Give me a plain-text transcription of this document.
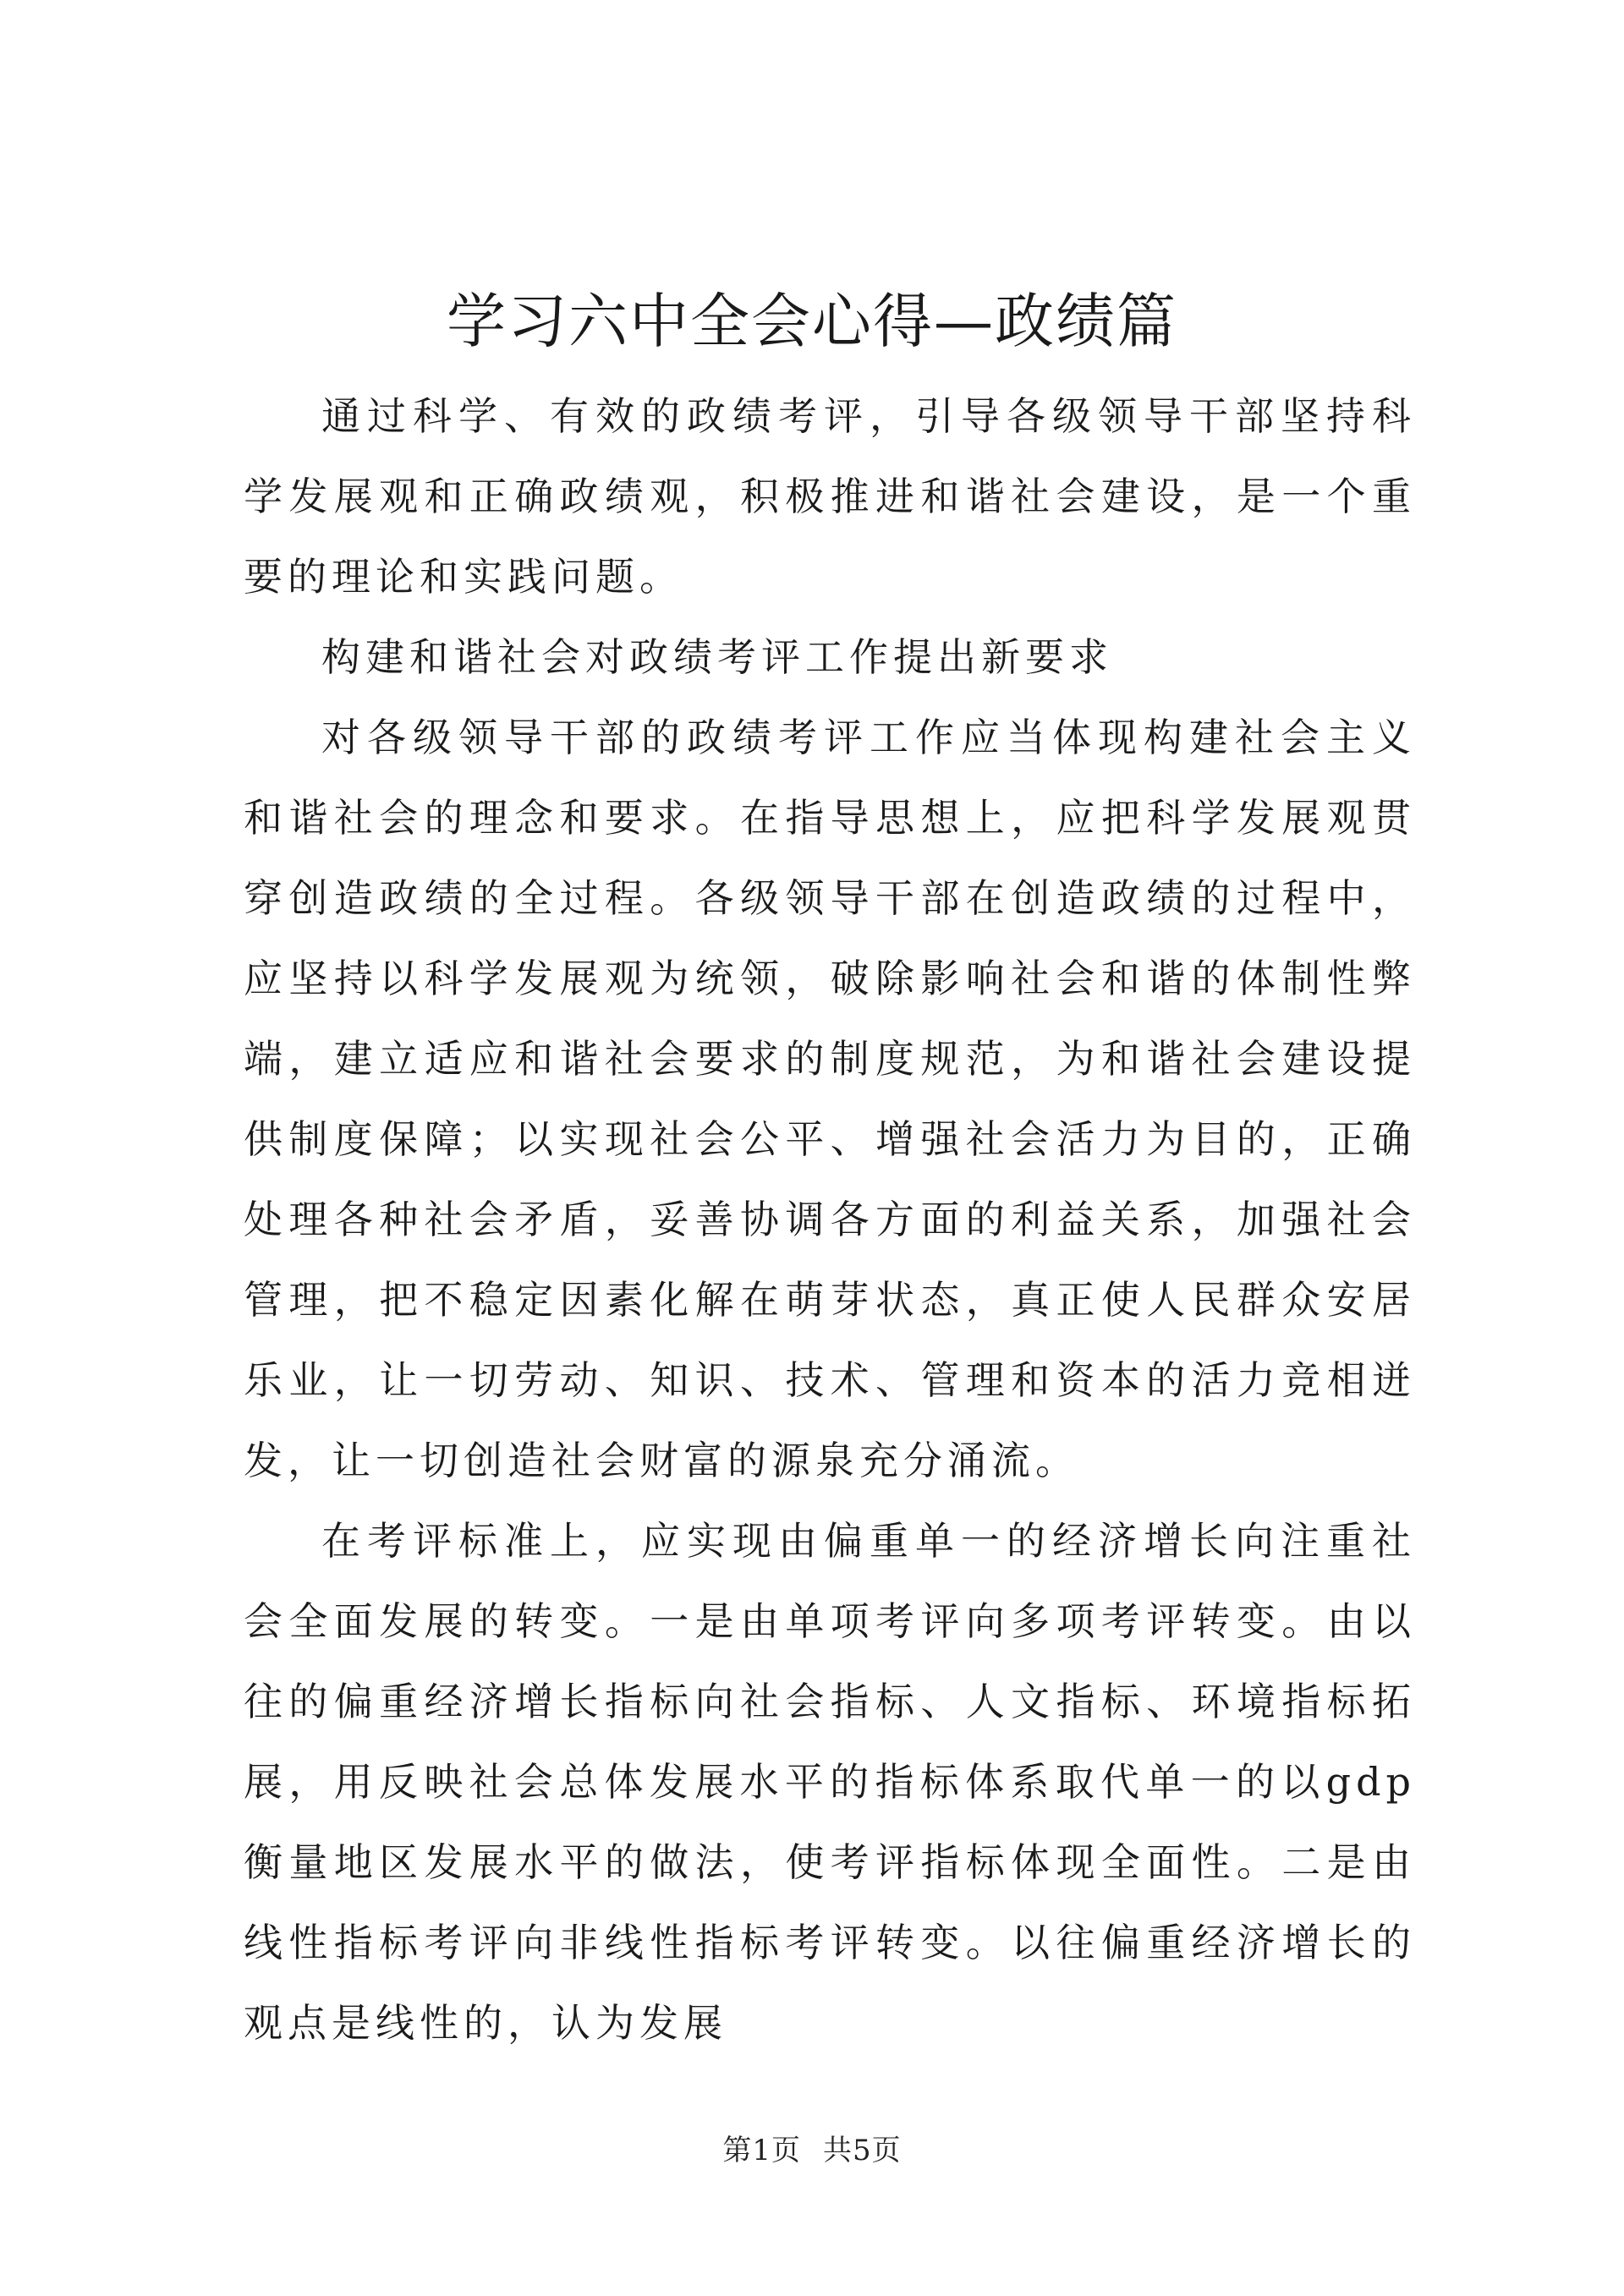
学习六中全会心得—政绩篇

通过科学、有效的政绩考评，引导各级领导干部坚持科学发展观和正确政绩观，积极推进和谐社会建设，是一个重要的理论和实践问题。

构建和谐社会对政绩考评工作提出新要求

对各级领导干部的政绩考评工作应当体现构建社会主义和谐社会的理念和要求。在指导思想上，应把科学发展观贯穿创造政绩的全过程。各级领导干部在创造政绩的过程中，应坚持以科学发展观为统领，破除影响社会和谐的体制性弊端，建立适应和谐社会要求的制度规范，为和谐社会建设提供制度保障；以实现社会公平、增强社会活力为目的，正确处理各种社会矛盾，妥善协调各方面的利益关系，加强社会管理，把不稳定因素化解在萌芽状态，真正使人民群众安居乐业，让一切劳动、知识、技术、管理和资本的活力竞相迸发，让一切创造社会财富的源泉充分涌流。

在考评标准上，应实现由偏重单一的经济增长向注重社会全面发展的转变。一是由单项考评向多项考评转变。由以往的偏重经济增长指标向社会指标、人文指标、环境指标拓展，用反映社会总体发展水平的指标体系取代单一的以gdp衡量地区发展水平的做法，使考评指标体现全面性。二是由线性指标考评向非线性指标考评转变。以往偏重经济增长的观点是线性的，认为发展

第1页 共5页
